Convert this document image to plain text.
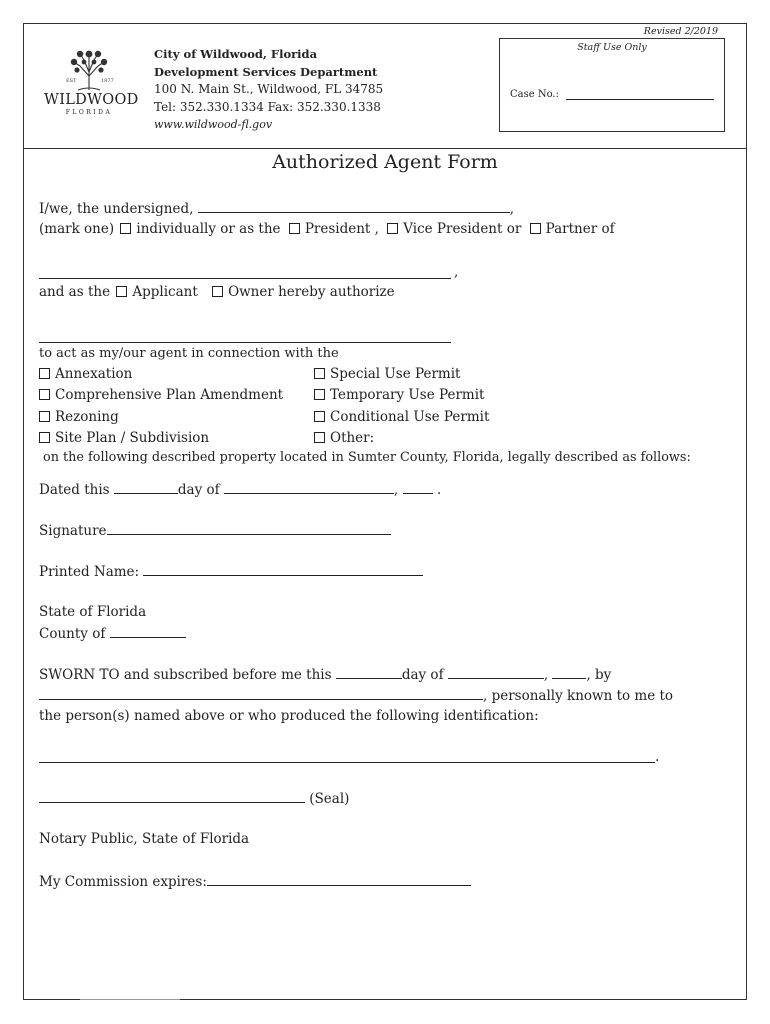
Revised 2/2019
Staff Use Only
Case No.:
EST	1877
WILDWOOD
FLORIDA
City of Wildwood, Florida
Development Services Department
100 N. Main St., Wildwood, FL 34785
Tel: 352.330.1334 Fax: 352.330.1338
www.wildwood-fl.gov
Authorized Agent Form
I/we, the undersigned,	,
(mark one) individually or as the President , Vice President or Partner of
,
and as the Applicant Owner hereby authorize
to act as my/our agent in connection with the
Annexation
Comprehensive Plan Amendment
Rezoning
Site Plan / Subdivision
Special Use Permit
Temporary Use Permit
Conditional Use Permit
Other:
on the following described property located in Sumter County, Florida, legally described as follows:
Dated this	day of	,	.
Signature
Printed Name:
State of Florida
County of
SWORN TO and subscribed before me this	day of	,	, by
, personally known to me to
the person(s) named above or who produced the following identification:
.
(Seal)
Notary Public, State of Florida
My Commission expires:
